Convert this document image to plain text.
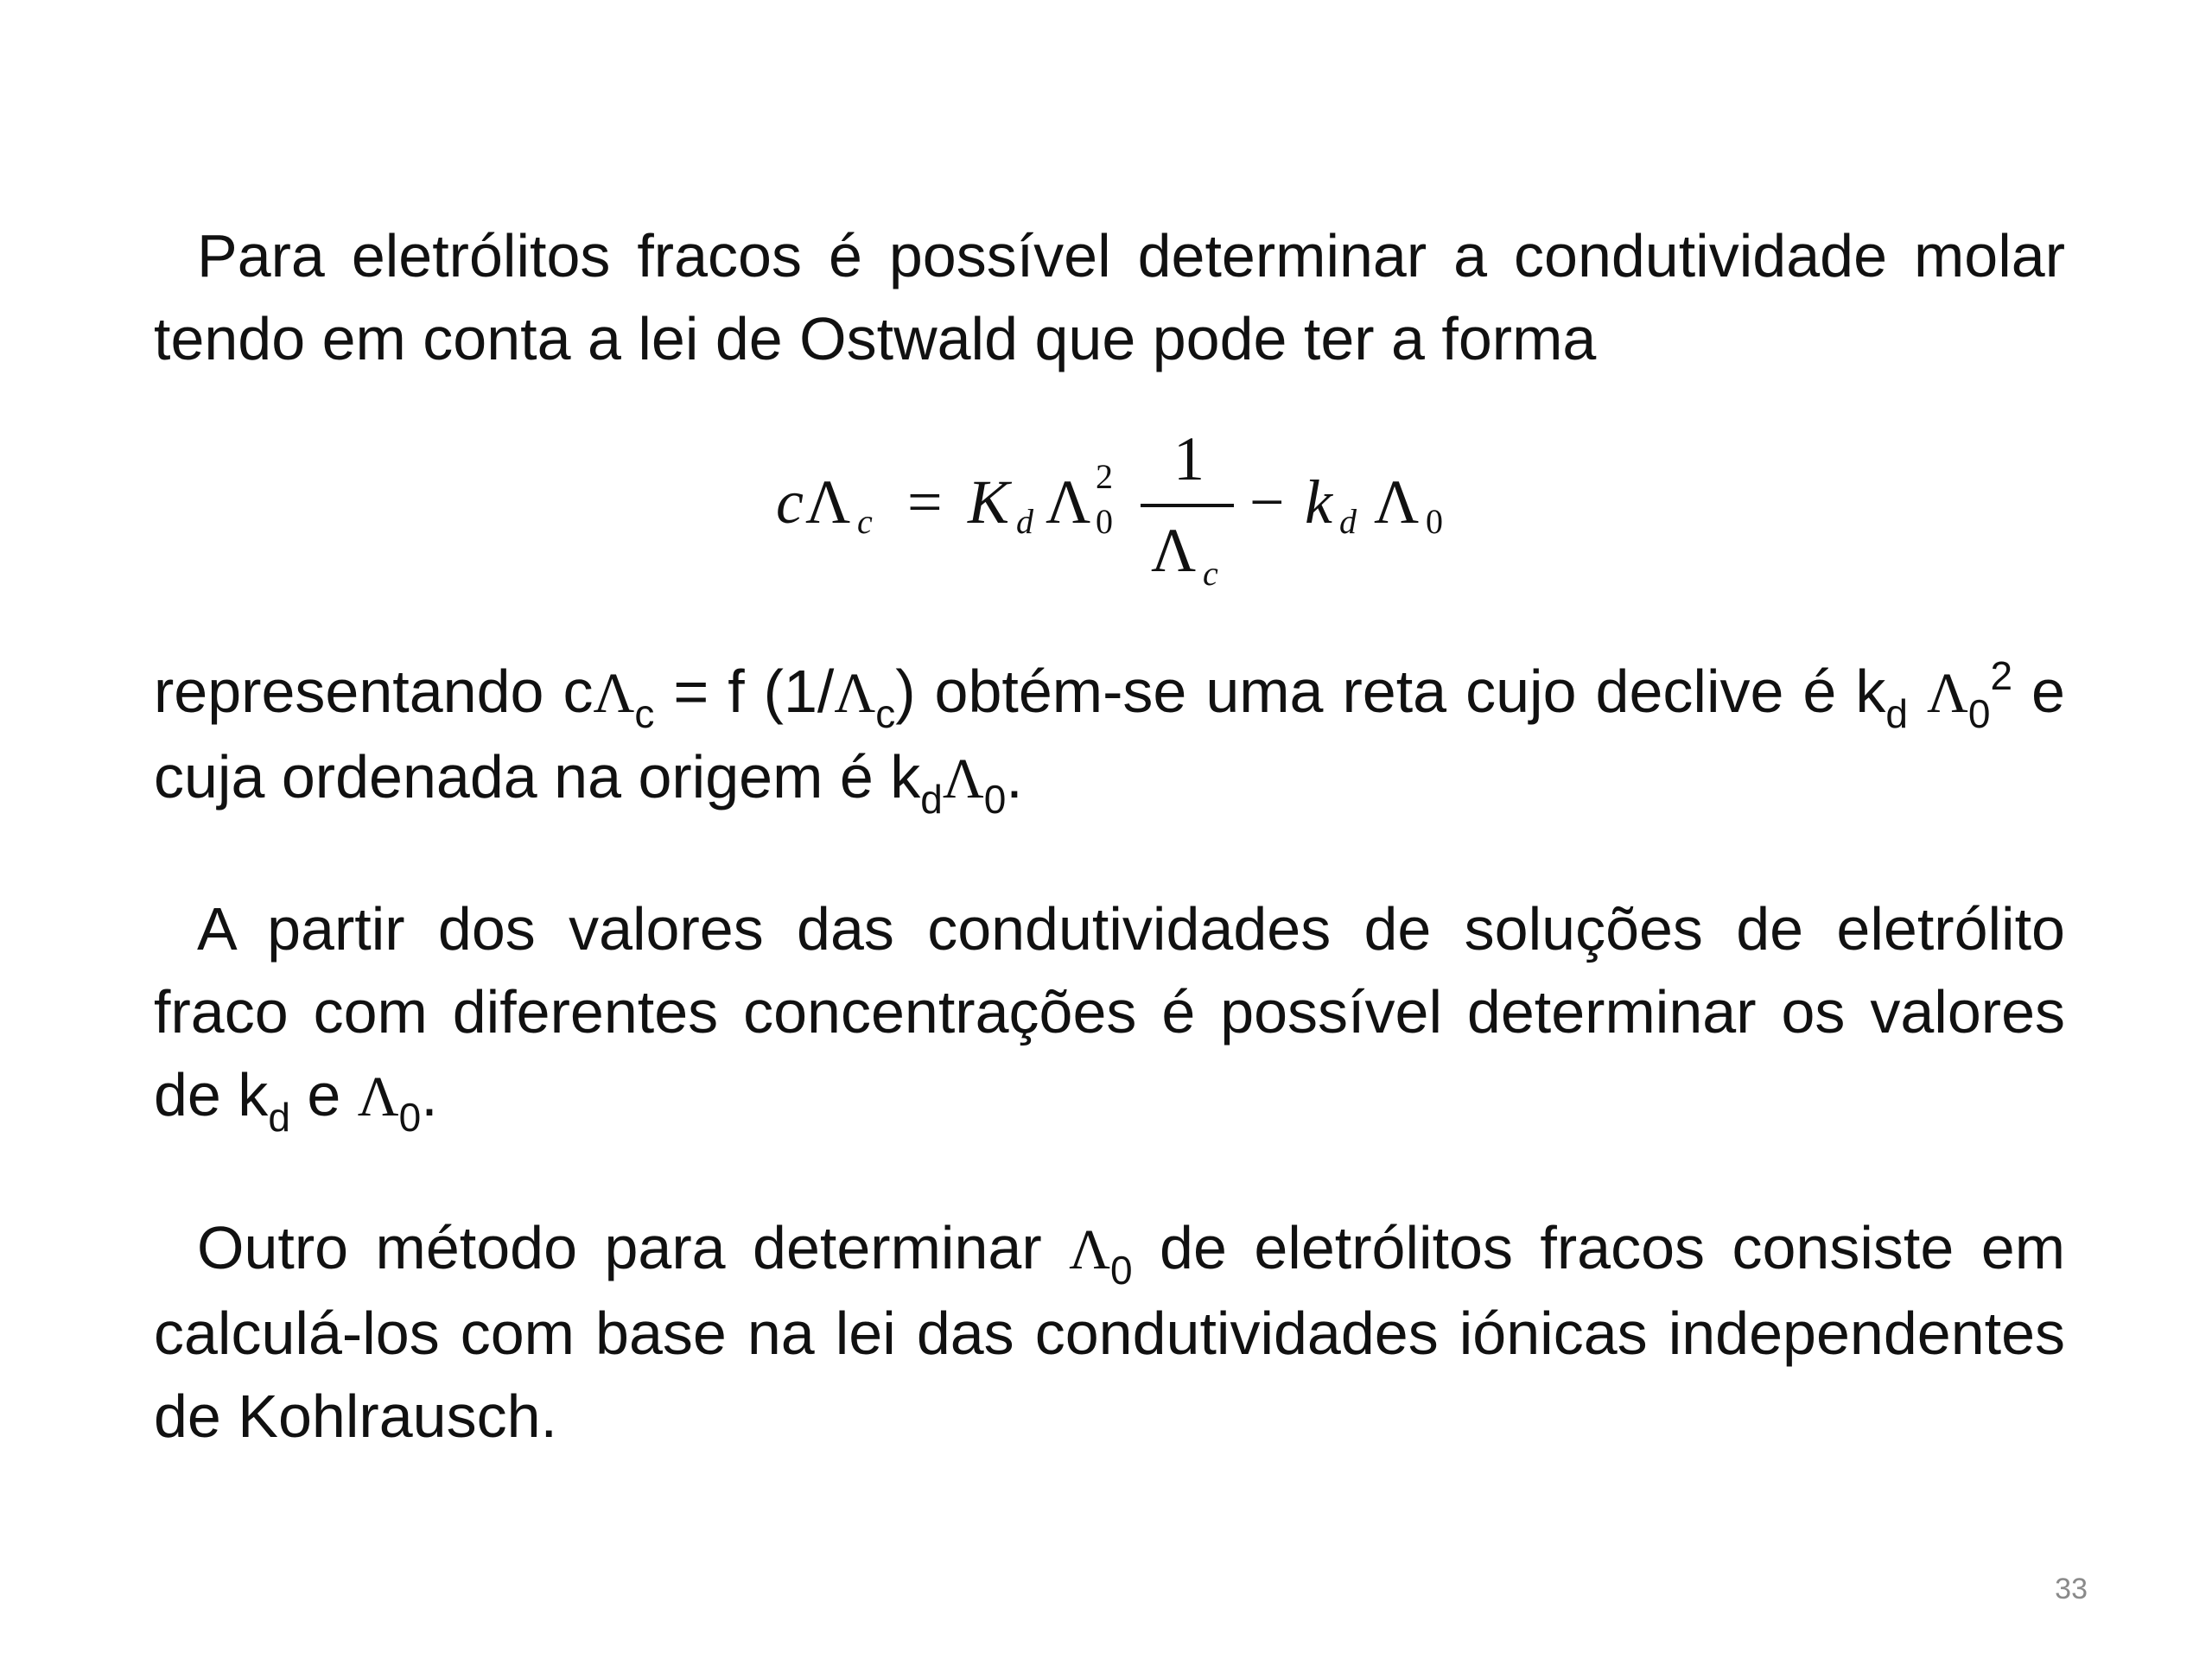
Para eletrólitos fracos é possível determinar a condutividade molar tendo em conta a lei de Ostwald que pode ter a forma

c Λ c = K d Λ 2
0
1
Λ c
− k d Λ 0

representando $c\Lambda_c = f$ $(1/\Lambda_c)$ obtém-se uma reta cujo declive é $k_d$ $\Lambda_0^2$ e cuja ordenada na origem é $k_d\Lambda_0$.

A partir dos valores das condutividades de soluções de eletrólito fraco com diferentes concentrações é possível determinar os valores de $k_d$ e $\Lambda_0$.

Outro método para determinar $\Lambda_0$ de eletrólitos fracos consiste em calculá-los com base na lei das condutividades iónicas independentes de Kohlrausch.

33
